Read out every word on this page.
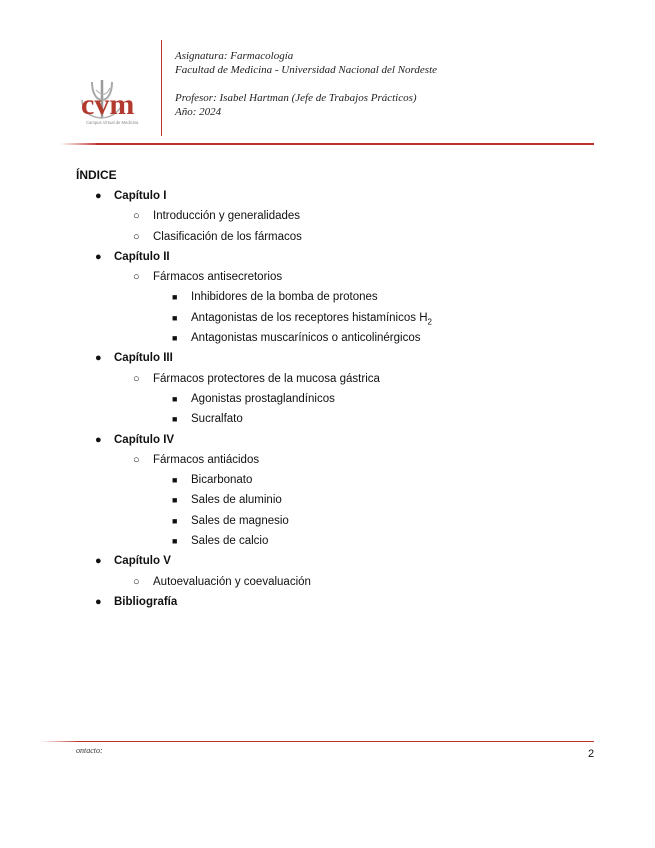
cvm
Campus Virtual de Medicina
Asignatura: Farmacología
Facultad de Medicina - Universidad Nacional del Nordeste
Profesor: Isabel Hartman (Jefe de Trabajos Prácticos)
Año: 2024
ÍNDICE
● Capítulo I
○ Introducción y generalidades
○ Clasificación de los fármacos
● Capítulo II
○ Fármacos antisecretorios
■ Inhibidores de la bomba de protones
■ Antagonistas de los receptores histamínicos $H_2$
■ Antagonistas muscarínicos o anticolinérgicos
● Capítulo III
○ Fármacos protectores de la mucosa gástrica
■ Agonistas prostaglandínicos
■ Sucralfato
● Capítulo IV
○ Fármacos antiácidos
■ Bicarbonato
■ Sales de aluminio
■ Sales de magnesio
■ Sales de calcio
● Capítulo V
○ Autoevaluación y coevaluación
● Bibliografía
ontacto:	2
